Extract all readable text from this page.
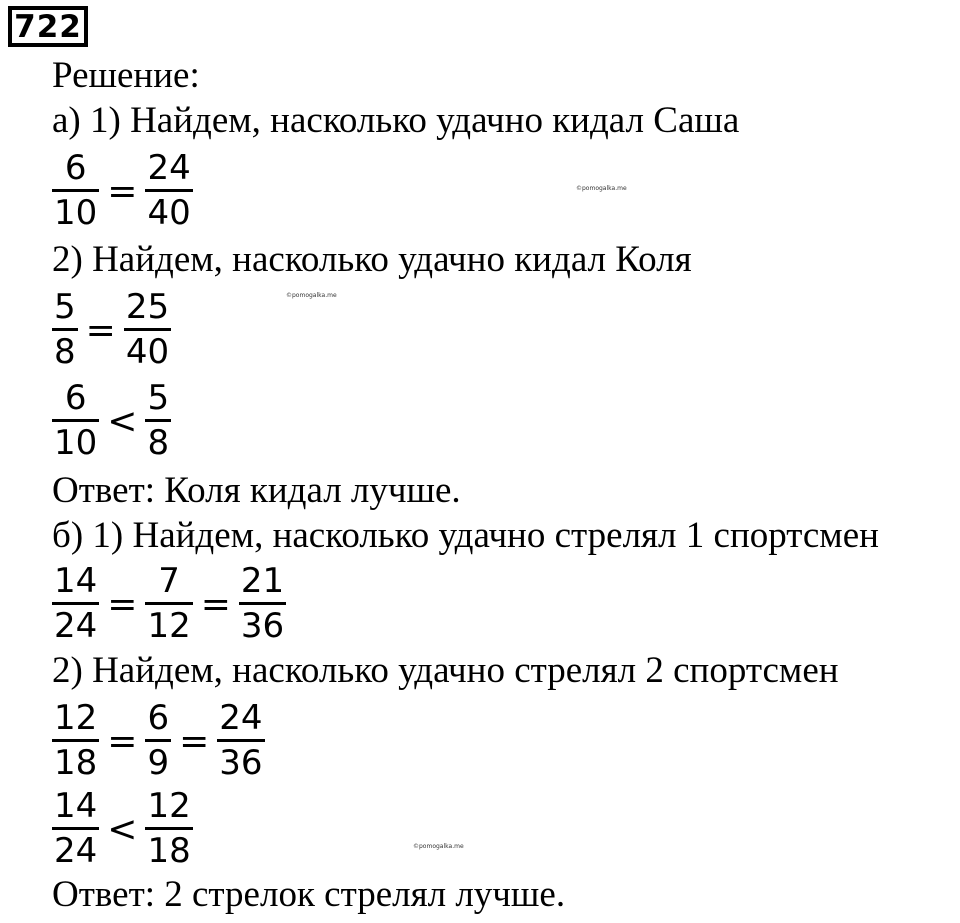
722
Решение:
а) 1) Найдем, насколько удачно кидал Саша
$\frac{6}{10} = \frac{24}{40}$
2) Найдем, насколько удачно кидал Коля
$\frac{5}{8} = \frac{25}{40}$
$\frac{6}{10} < \frac{5}{8}$
Ответ: Коля кидал лучше.
б) 1) Найдем, насколько удачно стрелял 1 спортсмен
$\frac{14}{24} = \frac{7}{12} = \frac{21}{36}$
2) Найдем, насколько удачно стрелял 2 спортсмен
$\frac{12}{18} = \frac{6}{9} = \frac{24}{36}$
$\frac{14}{24} < \frac{12}{18}$
Ответ: 2 стрелок стрелял лучше.
©pomogalka.me
©pomogalka.me
©pomogalka.me
